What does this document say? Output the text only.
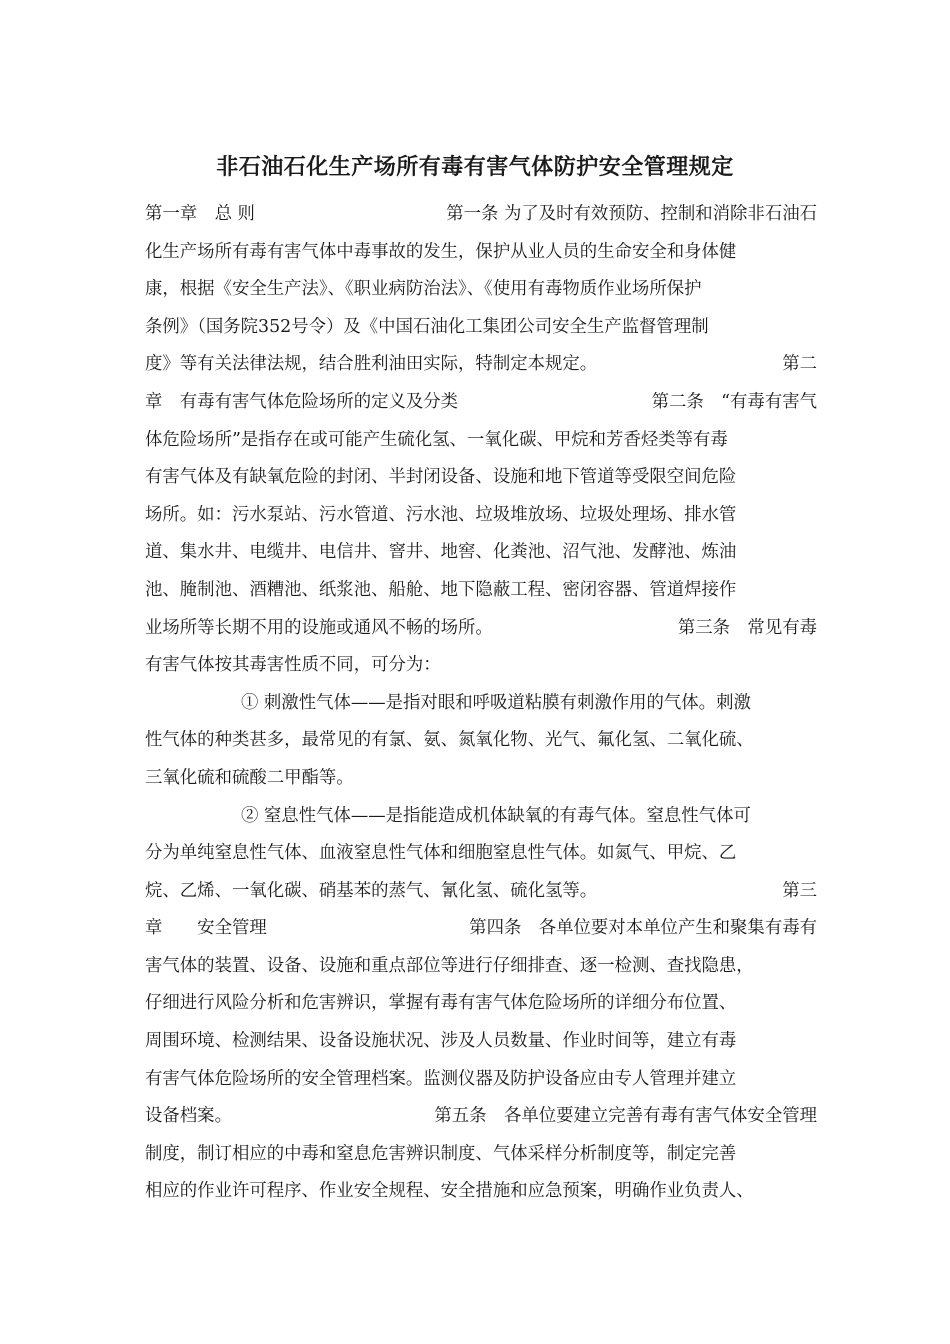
非石油石化生产场所有毒有害气体防护安全管理规定
第一章　总 则	第一条 为了及时有效预防、控制和消除非石油石
化生产场所有毒有害气体中毒事故的发生，保护从业人员的生命安全和身体健
康，根据《安全生产法》、《职业病防治法》、《使用有毒物质作业场所保护
条例》（国务院352号令）及《中国石油化工集团公司安全生产监督管理制
度》等有关法律法规，结合胜利油田实际，特制定本规定。	第二
章　有毒有害气体危险场所的定义及分类	第二条　“有毒有害气
体危险场所”是指存在或可能产生硫化氢、一氧化碳、甲烷和芳香烃类等有毒
有害气体及有缺氧危险的封闭、半封闭设备、设施和地下管道等受限空间危险
场所。如：污水泵站、污水管道、污水池、垃圾堆放场、垃圾处理场、排水管
道、集水井、电缆井、电信井、窨井、地窖、化粪池、沼气池、发酵池、炼油
池、腌制池、酒糟池、纸浆池、船舱、地下隐蔽工程、密闭容器、管道焊接作
业场所等长期不用的设施或通风不畅的场所。	第三条　常见有毒
有害气体按其毒害性质不同，可分为：
① 刺激性气体——是指对眼和呼吸道粘膜有刺激作用的气体。刺激
性气体的种类甚多，最常见的有氯、氨、氮氧化物、光气、氟化氢、二氧化硫、
三氧化硫和硫酸二甲酯等。
② 窒息性气体——是指能造成机体缺氧的有毒气体。窒息性气体可
分为单纯窒息性气体、血液窒息性气体和细胞窒息性气体。如氮气、甲烷、乙
烷、乙烯、一氧化碳、硝基苯的蒸气、氰化氢、硫化氢等。	第三
章　　安全管理	第四条　各单位要对本单位产生和聚集有毒有
害气体的装置、设备、设施和重点部位等进行仔细排查、逐一检测、查找隐患，
仔细进行风险分析和危害辨识，掌握有毒有害气体危险场所的详细分布位置、
周围环境、检测结果、设备设施状况、涉及人员数量、作业时间等，建立有毒
有害气体危险场所的安全管理档案。监测仪器及防护设备应由专人管理并建立
设备档案。	第五条　各单位要建立完善有毒有害气体安全管理
制度，制订相应的中毒和窒息危害辨识制度、气体采样分析制度等，制定完善
相应的作业许可程序、作业安全规程、安全措施和应急预案，明确作业负责人、
